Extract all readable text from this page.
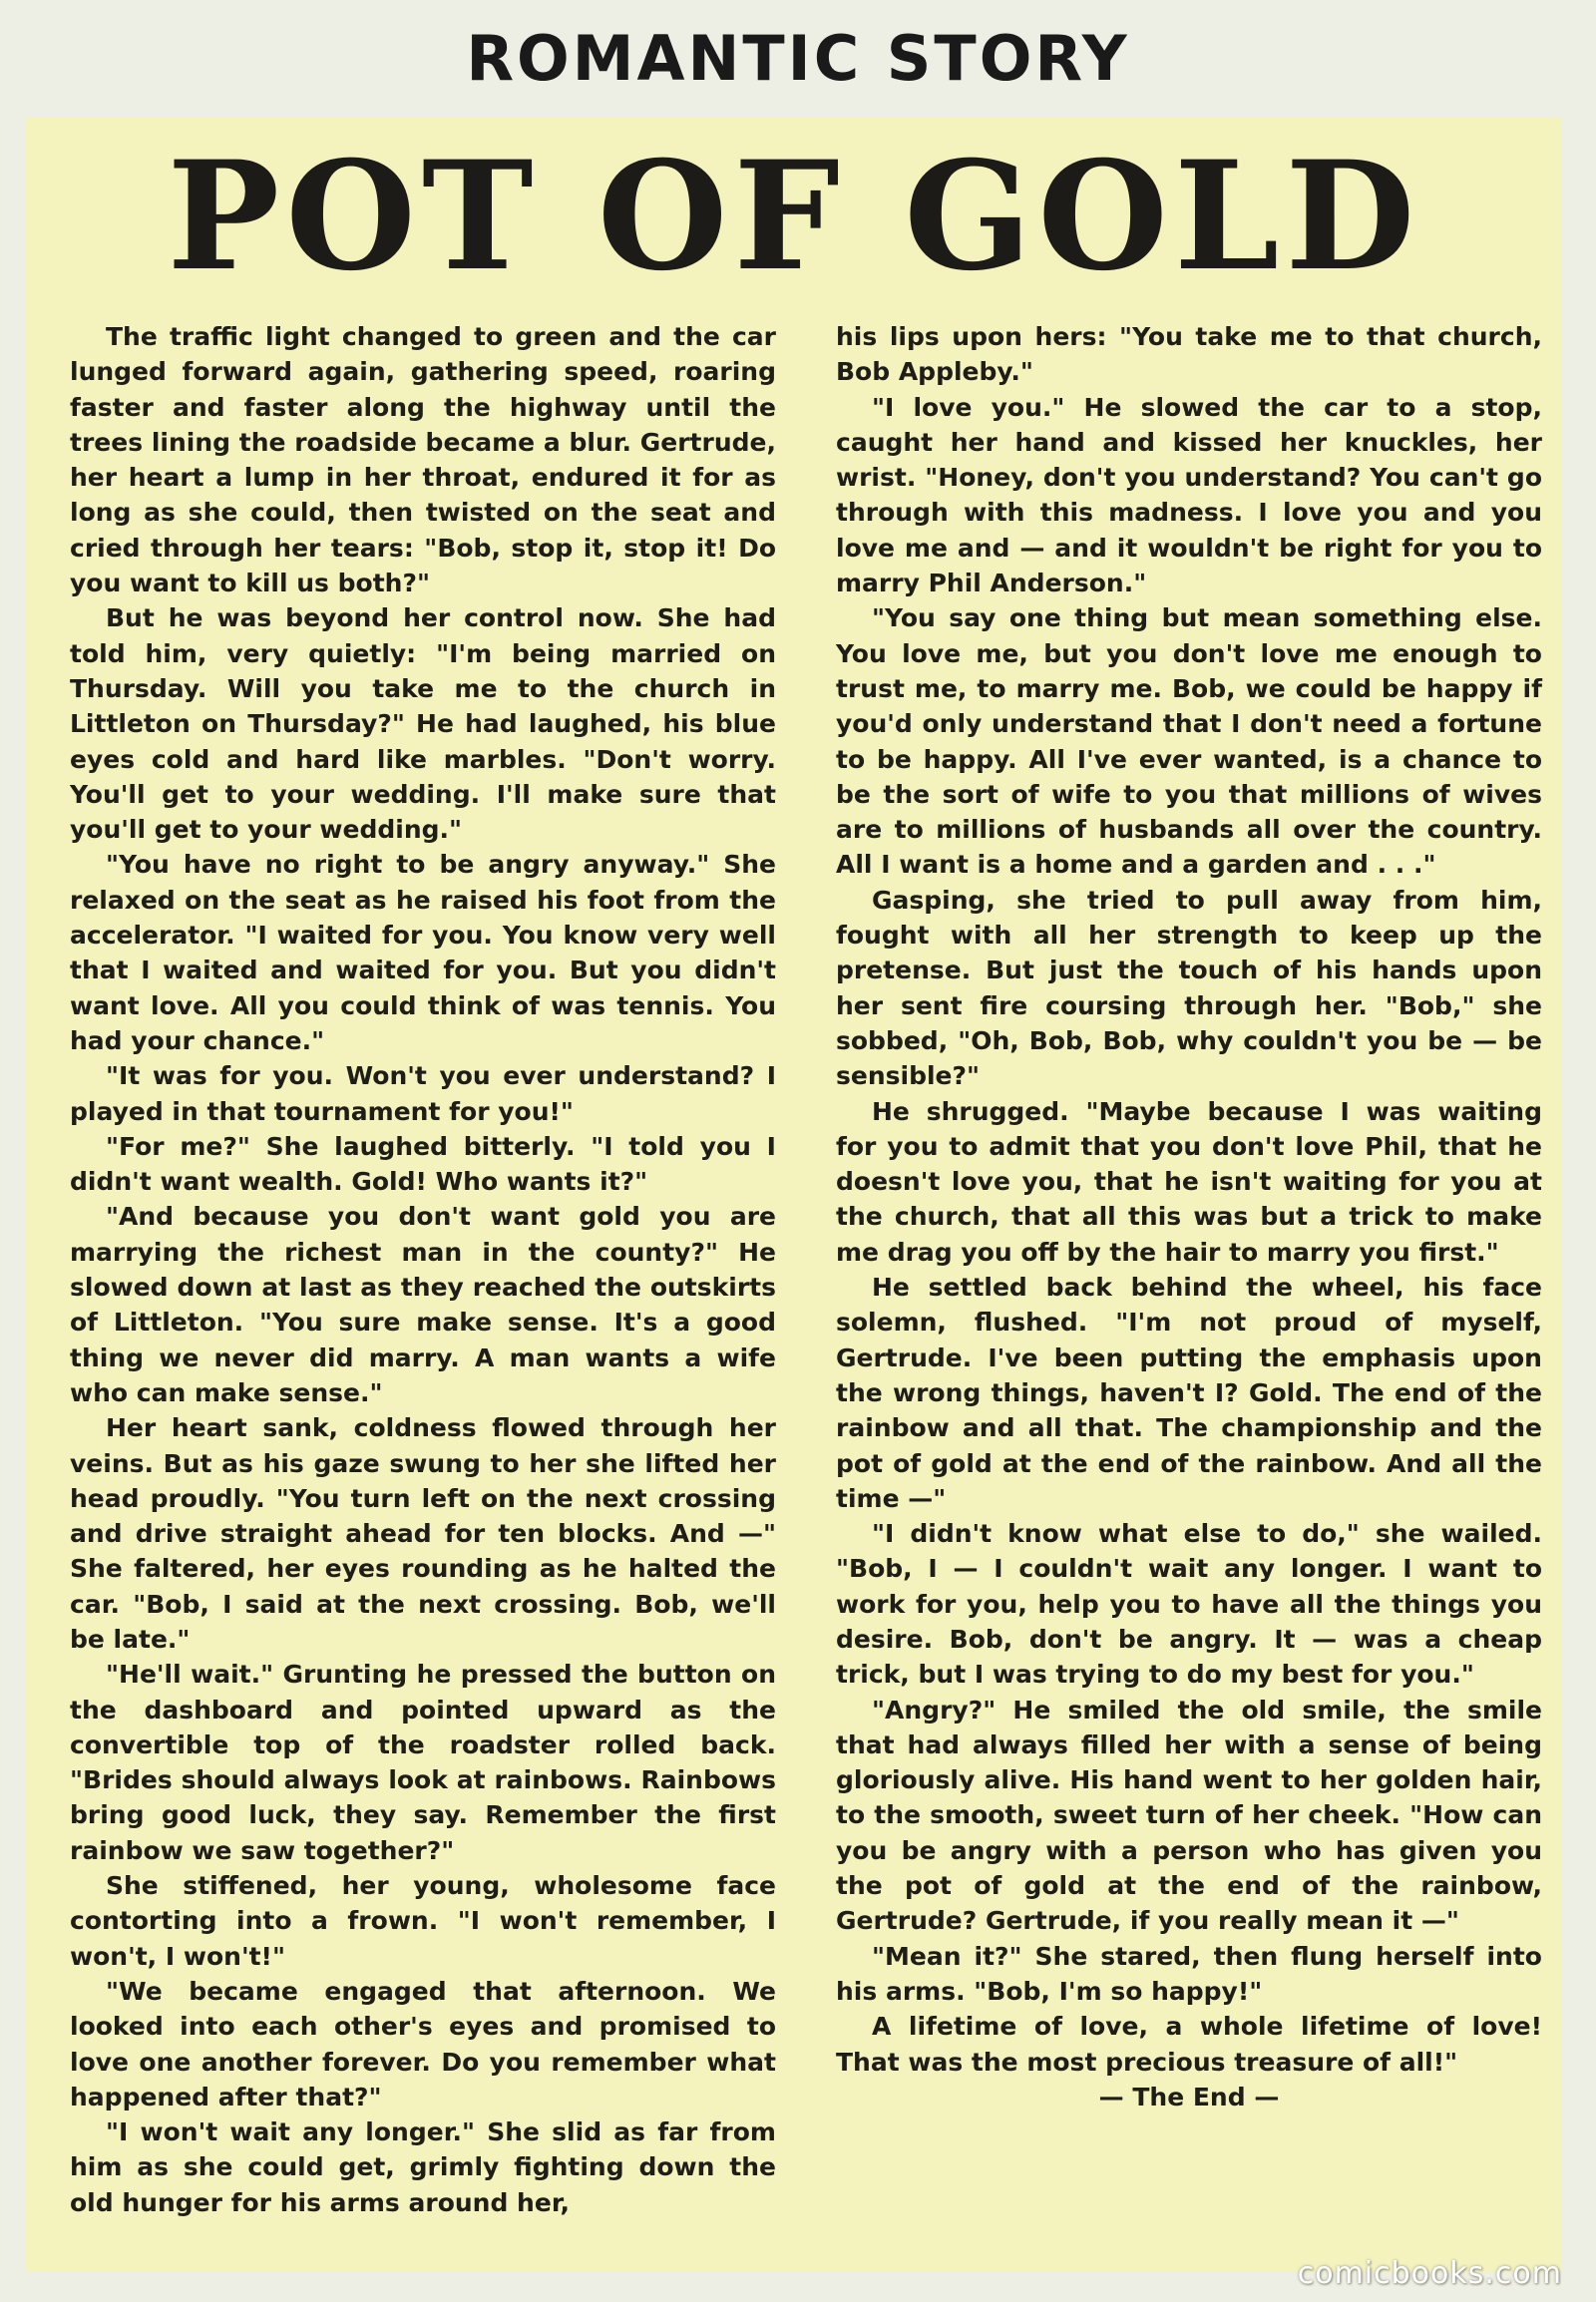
ROMANTIC STORY
POT OF GOLD

The traffic light changed to green and the car lunged forward again, gathering speed, roaring faster and faster along the highway until the trees lining the roadside became a blur. Gertrude, her heart a lump in her throat, endured it for as long as she could, then twisted on the seat and cried through her tears: "Bob, stop it, stop it! Do you want to kill us both?"

But he was beyond her control now. She had told him, very quietly: "I'm being married on Thursday. Will you take me to the church in Littleton on Thursday?" He had laughed, his blue eyes cold and hard like marbles. "Don't worry. You'll get to your wedding. I'll make sure that you'll get to your wedding."

"You have no right to be angry anyway." She relaxed on the seat as he raised his foot from the accelerator. "I waited for you. You know very well that I waited and waited for you. But you didn't want love. All you could think of was tennis. You had your chance."

"It was for you. Won't you ever understand? I played in that tournament for you!"

"For me?" She laughed bitterly. "I told you I didn't want wealth. Gold! Who wants it?"

"And because you don't want gold you are marrying the richest man in the county?" He slowed down at last as they reached the outskirts of Littleton. "You sure make sense. It's a good thing we never did marry. A man wants a wife who can make sense."

Her heart sank, coldness flowed through her veins. But as his gaze swung to her she lifted her head proudly. "You turn left on the next crossing and drive straight ahead for ten blocks. And —" She faltered, her eyes rounding as he halted the car. "Bob, I said at the next crossing. Bob, we'll be late."

"He'll wait." Grunting he pressed the button on the dashboard and pointed upward as the convertible top of the roadster rolled back. "Brides should always look at rainbows. Rainbows bring good luck, they say. Remember the first rainbow we saw together?"

She stiffened, her young, wholesome face contorting into a frown. "I won't remember, I won't, I won't!"

"We became engaged that afternoon. We looked into each other's eyes and promised to love one another forever. Do you remember what happened after that?"

"I won't wait any longer." She slid as far from him as she could get, grimly fighting down the old hunger for his arms around her,

his lips upon hers: "You take me to that church, Bob Appleby."

"I love you." He slowed the car to a stop, caught her hand and kissed her knuckles, her wrist. "Honey, don't you understand? You can't go through with this madness. I love you and you love me and — and it wouldn't be right for you to marry Phil Anderson."

"You say one thing but mean something else. You love me, but you don't love me enough to trust me, to marry me. Bob, we could be happy if you'd only understand that I don't need a fortune to be happy. All I've ever wanted, is a chance to be the sort of wife to you that millions of wives are to millions of husbands all over the country. All I want is a home and a garden and . . ."

Gasping, she tried to pull away from him, fought with all her strength to keep up the pretense. But just the touch of his hands upon her sent fire coursing through her. "Bob," she sobbed, "Oh, Bob, Bob, why couldn't you be — be sensible?"

He shrugged. "Maybe because I was waiting for you to admit that you don't love Phil, that he doesn't love you, that he isn't waiting for you at the church, that all this was but a trick to make me drag you off by the hair to marry you first."

He settled back behind the wheel, his face solemn, flushed. "I'm not proud of myself, Gertrude. I've been putting the emphasis upon the wrong things, haven't I? Gold. The end of the rainbow and all that. The championship and the pot of gold at the end of the rainbow. And all the time —"

"I didn't know what else to do," she wailed. "Bob, I — I couldn't wait any longer. I want to work for you, help you to have all the things you desire. Bob, don't be angry. It — was a cheap trick, but I was trying to do my best for you."

"Angry?" He smiled the old smile, the smile that had always filled her with a sense of being gloriously alive. His hand went to her golden hair, to the smooth, sweet turn of her cheek. "How can you be angry with a person who has given you the pot of gold at the end of the rainbow, Gertrude? Gertrude, if you really mean it —"

"Mean it?" She stared, then flung herself into his arms. "Bob, I'm so happy!"

A lifetime of love, a whole lifetime of love! That was the most precious treasure of all!"

— The End —

comicbooks.com
